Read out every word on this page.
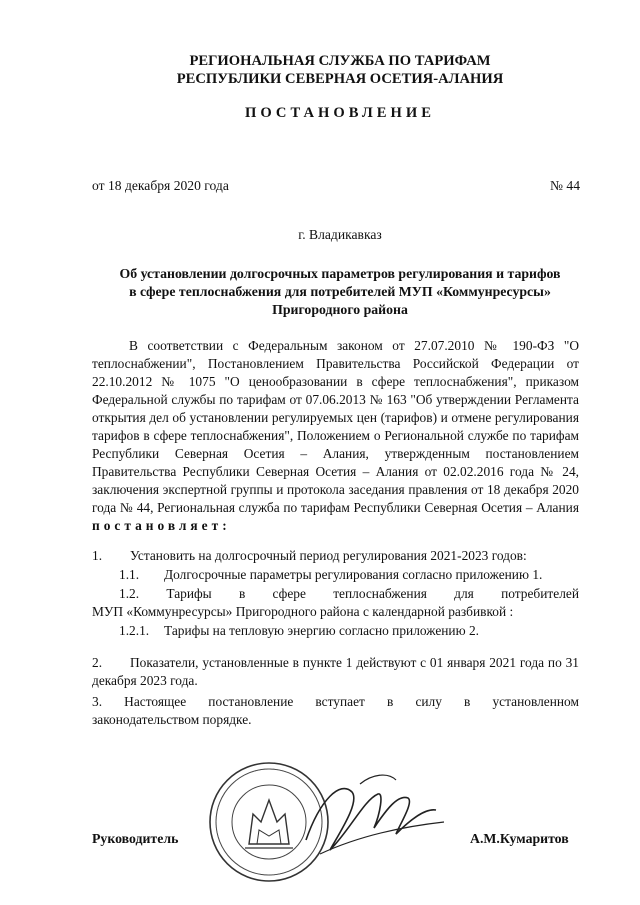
РЕГИОНАЛЬНАЯ СЛУЖБА ПО ТАРИФАМ
РЕСПУБЛИКИ СЕВЕРНАЯ ОСЕТИЯ-АЛАНИЯ
ПОСТАНОВЛЕНИЕ
от 18 декабря 2020 года	№ 44
г. Владикавказ
Об установлении долгосрочных параметров регулирования и тарифов
в сфере теплоснабжения для потребителей МУП «Коммунресурсы»
Пригородного района
В соответствии с Федеральным законом от 27.07.2010 № 190-ФЗ "О теплоснабжении", Постановлением Правительства Российской Федерации от 22.10.2012 № 1075 "О ценообразовании в сфере теплоснабжения", приказом Федеральной службы по тарифам от 07.06.2013 № 163 "Об утверждении Регламента открытия дел об установлении регулируемых цен (тарифов) и отмене регулирования тарифов в сфере теплоснабжения", Положением о Региональной службе по тарифам Республики Северная Осетия – Алания, утвержденным постановлением Правительства Республики Северная Осетия – Алания от 02.02.2016 года № 24, заключения экспертной группы и протокола заседания правления от 18 декабря 2020 года № 44, Региональная служба по тарифам Республики Северная Осетия – Алания постановляет:
1. Установить на долгосрочный период регулирования 2021-2023 годов:
1.1. Долгосрочные параметры регулирования согласно приложению 1.
1.2. Тарифы в сфере теплоснабжения для потребителей
МУП «Коммунресурсы» Пригородного района с календарной разбивкой :
1.2.1. Тарифы на тепловую энергию согласно приложению 2.
2. Показатели, установленные в пункте 1 действуют с 01 января 2021 года по 31 декабря 2023 года.
3. Настоящее постановление вступает в силу в установленном
законодательством порядке.
Руководитель	А.М.Кумаритов
